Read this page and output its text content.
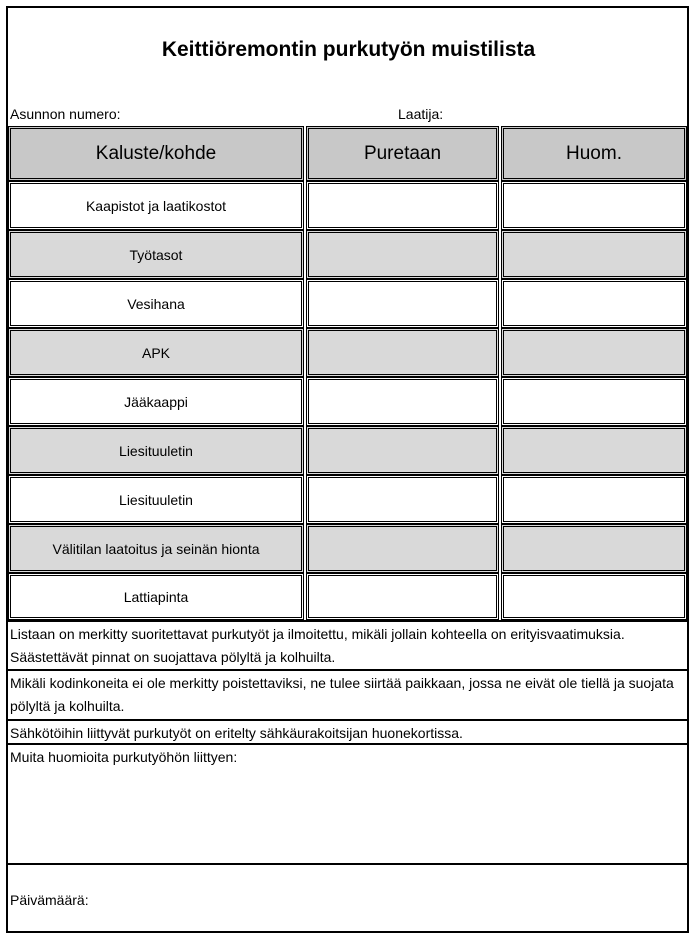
Keittiöremontin purkutyön muistilista
Asunnon numero:	Laatija:
Kaluste/kohde	Puretaan	Huom.
Kaapistot ja laatikostot
Työtasot
Vesihana
APK
Jääkaappi
Liesituuletin
Liesituuletin
Välitilan laatoitus ja seinän hionta
Lattiapinta
Listaan on merkitty suoritettavat purkutyöt ja ilmoitettu, mikäli jollain kohteella on erityisvaatimuksia. Säästettävät pinnat on suojattava pölyltä ja kolhuilta.
Mikäli kodinkoneita ei ole merkitty poistettaviksi, ne tulee siirtää paikkaan, jossa ne eivät ole tiellä ja suojata pölyltä ja kolhuilta.
Sähkötöihin liittyvät purkutyöt on eritelty sähkäurakoitsijan huonekortissa.
Muita huomioita purkutyöhön liittyen:
Päivämäärä:
